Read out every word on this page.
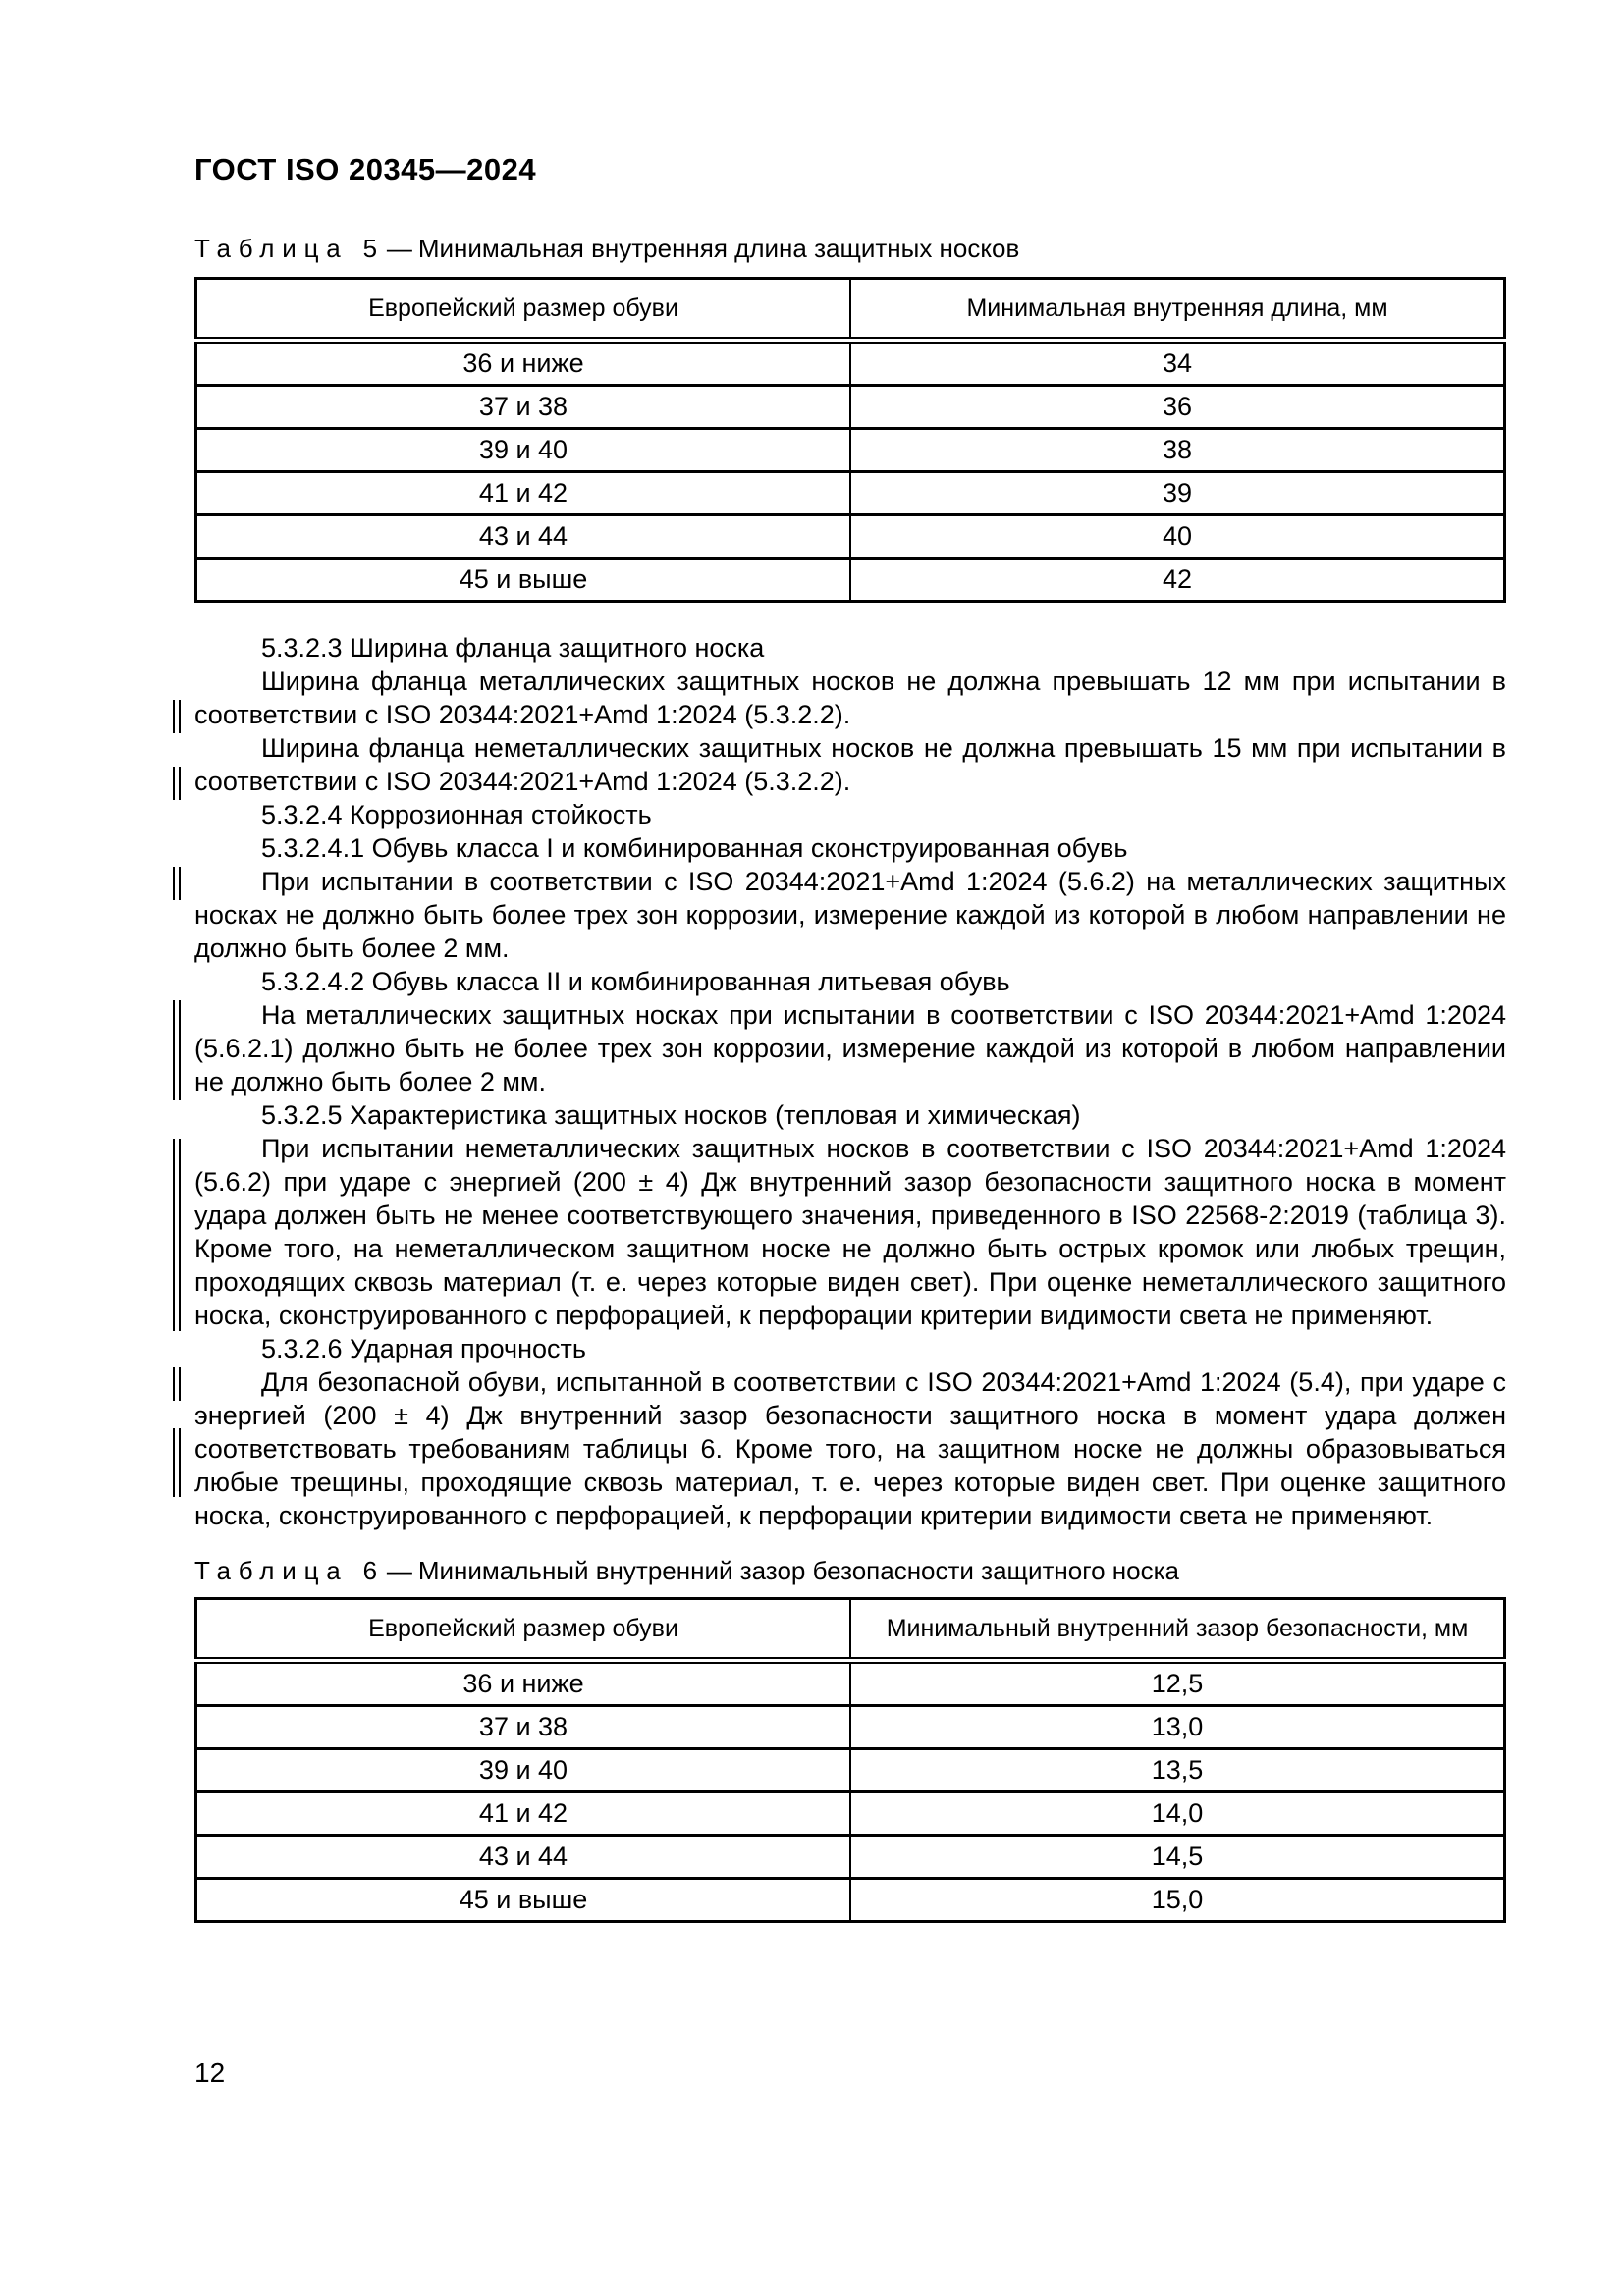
ГОСТ ISO 20345—2024
Таблица 5— Минимальная внутренняя длина защитных носков
Европейский размер обуви	Минимальная внутренняя длина, мм
36 и ниже	34
37 и 38	36
39 и 40	38
41 и 42	39
43 и 44	40
45 и выше	42

5.3.2.3 Ширина фланца защитного носка

Ширина фланца металлических защитных носков не должна превышать 12 мм при испытании в соответствии с ISO 20344:2021+Amd 1:2024 (5.3.2.2).

Ширина фланца неметаллических защитных носков не должна превышать 15 мм при испытании в соответствии с ISO 20344:2021+Amd 1:2024 (5.3.2.2).

5.3.2.4 Коррозионная стойкость

5.3.2.4.1 Обувь класса I и комбинированная сконструированная обувь

При испытании в соответствии с ISO 20344:2021+Amd 1:2024 (5.6.2) на металлических защитных носках не должно быть более трех зон коррозии, измерение каждой из которой в любом направлении не должно быть более 2 мм.

5.3.2.4.2 Обувь класса II и комбинированная литьевая обувь

На металлических защитных носках при испытании в соответствии с ISO 20344:2021+Amd 1:2024 (5.6.2.1) должно быть не более трех зон коррозии, измерение каждой из которой в любом направлении не должно быть более 2 мм.

5.3.2.5 Характеристика защитных носков (тепловая и химическая)

При испытании неметаллических защитных носков в соответствии с ISO 20344:2021+Amd 1:2024 (5.6.2) при ударе с энергией (200 ± 4) Дж внутренний зазор безопасности защитного носка в момент удара должен быть не менее соответствующего значения, приведенного в ISO 22568-2:2019 (таблица 3). Кроме того, на неметаллическом защитном носке не должно быть острых кромок или любых трещин, проходящих сквозь материал (т. е. через которые виден свет). При оценке неметаллического защитного носка, сконструированного с перфорацией, к перфорации критерии видимости света не применяют.

5.3.2.6 Ударная прочность

Для безопасной обуви, испытанной в соответствии с ISO 20344:2021+Amd 1:2024 (5.4), при ударе с энергией (200 ± 4) Дж внутренний зазор безопасности защитного носка в момент удара должен соответствовать требованиям таблицы 6. Кроме того, на защитном носке не должны образовываться любые трещины, проходящие сквозь материал, т. е. через которые виден свет. При оценке защитного носка, сконструированного с перфорацией, к перфорации критерии видимости света не применяют.

Таблица 6— Минимальный внутренний зазор безопасности защитного носка
Европейский размер обуви	Минимальный внутренний зазор безопасности, мм
36 и ниже	12,5
37 и 38	13,0
39 и 40	13,5
41 и 42	14,0
43 и 44	14,5
45 и выше	15,0
12
